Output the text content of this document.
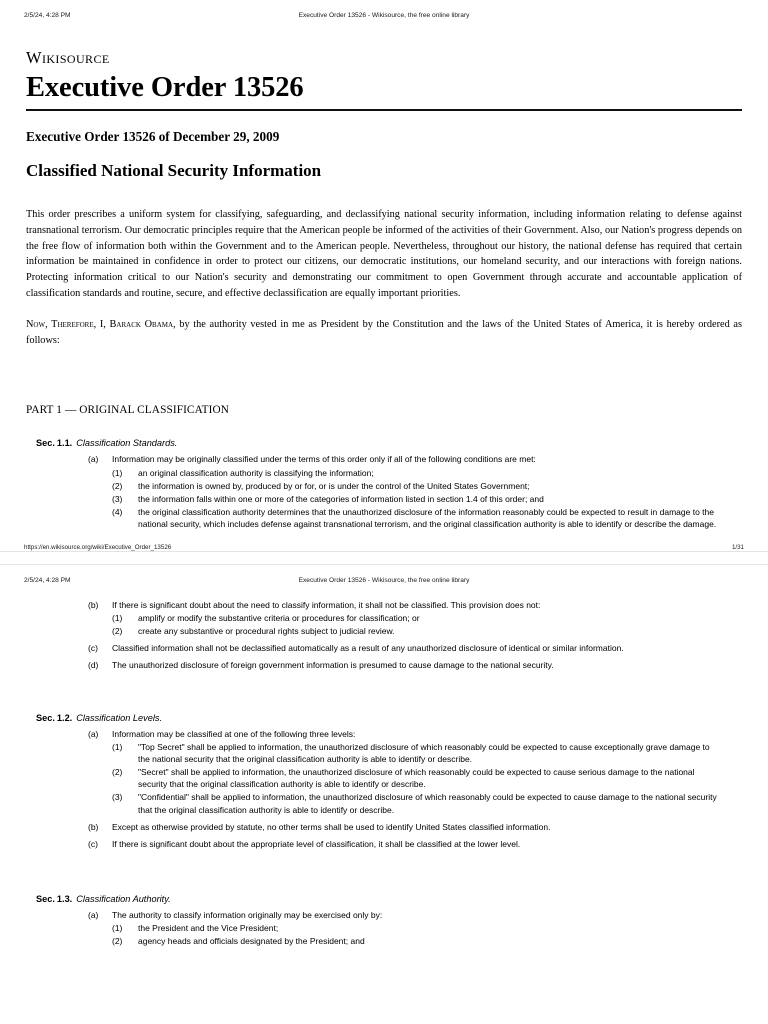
2/5/24, 4:28 PM	Executive Order 13526 - Wikisource, the free online library
Wikisource
Executive Order 13526
Executive Order 13526 of December 29, 2009
Classified National Security Information

This order prescribes a uniform system for classifying, safeguarding, and declassifying national security information, including information relating to defense against transnational terrorism. Our democratic principles require that the American people be informed of the activities of their Government. Also, our Nation's progress depends on the free flow of information both within the Government and to the American people. Nevertheless, throughout our history, the national defense has required that certain information be maintained in confidence in order to protect our citizens, our democratic institutions, our homeland security, and our interactions with foreign nations. Protecting information critical to our Nation's security and demonstrating our commitment to open Government through accurate and accountable application of classification standards and routine, secure, and effective declassification are equally important priorities.

Now, Therefore, I, Barack Obama, by the authority vested in me as President by the Constitution and the laws of the United States of America, it is hereby ordered as follows:

PART 1 — ORIGINAL CLASSIFICATION
Sec. 1.1. Classification Standards.
(a)	Information may be originally classified under the terms of this order only if all of the following conditions are met:
(1)	an original classification authority is classifying the information;
(2)	the information is owned by, produced by or for, or is under the control of the United States Government;
(3)	the information falls within one or more of the categories of information listed in section 1.4 of this order; and
(4)	the original classification authority determines that the unauthorized disclosure of the information reasonably could be expected to result in damage to the national security, which includes defense against transnational terrorism, and the original classification authority is able to identify or describe the damage.
https://en.wikisource.org/wiki/Executive_Order_13526	1/31
2/5/24, 4:28 PM	Executive Order 13526 - Wikisource, the free online library
(b)	If there is significant doubt about the need to classify information, it shall not be classified. This provision does not:
(1)	amplify or modify the substantive criteria or procedures for classification; or
(2)	create any substantive or procedural rights subject to judicial review.
(c)	Classified information shall not be declassified automatically as a result of any unauthorized disclosure of identical or similar information.
(d)	The unauthorized disclosure of foreign government information is presumed to cause damage to the national security.
Sec. 1.2. Classification Levels.
(a)	Information may be classified at one of the following three levels:
(1)	"Top Secret" shall be applied to information, the unauthorized disclosure of which reasonably could be expected to cause exceptionally grave damage to the national security that the original classification authority is able to identify or describe.
(2)	"Secret" shall be applied to information, the unauthorized disclosure of which reasonably could be expected to cause serious damage to the national security that the original classification authority is able to identify or describe.
(3)	"Confidential" shall be applied to information, the unauthorized disclosure of which reasonably could be expected to cause damage to the national security that the original classification authority is able to identify or describe.
(b)	Except as otherwise provided by statute, no other terms shall be used to identify United States classified information.
(c)	If there is significant doubt about the appropriate level of classification, it shall be classified at the lower level.
Sec. 1.3. Classification Authority.
(a)	The authority to classify information originally may be exercised only by:
(1)	the President and the Vice President;
(2)	agency heads and officials designated by the President; and
